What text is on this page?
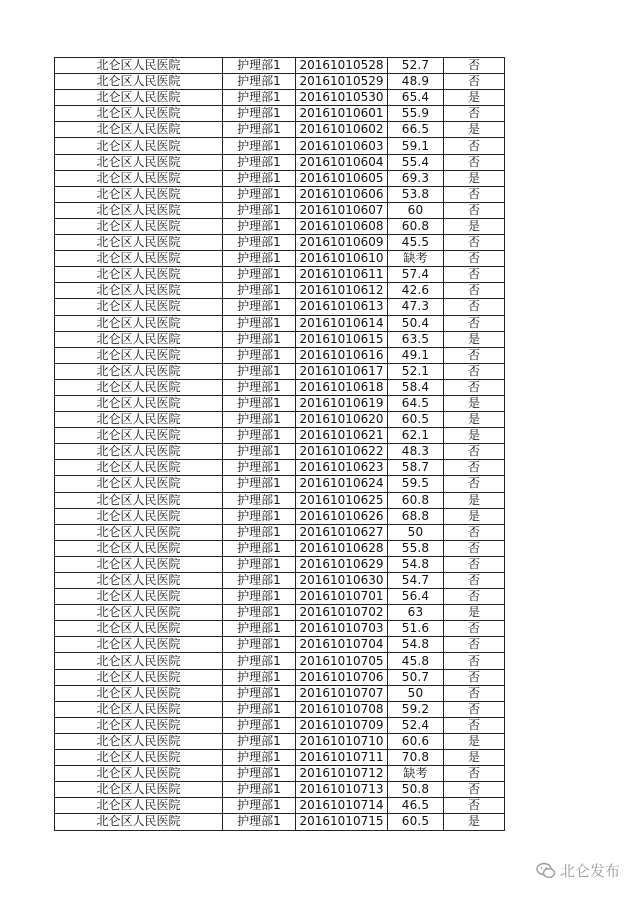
北仑区人民医院	护理部1	20161010528	52.7	否
北仑区人民医院	护理部1	20161010529	48.9	否
北仑区人民医院	护理部1	20161010530	65.4	是
北仑区人民医院	护理部1	20161010601	55.9	否
北仑区人民医院	护理部1	20161010602	66.5	是
北仑区人民医院	护理部1	20161010603	59.1	否
北仑区人民医院	护理部1	20161010604	55.4	否
北仑区人民医院	护理部1	20161010605	69.3	是
北仑区人民医院	护理部1	20161010606	53.8	否
北仑区人民医院	护理部1	20161010607	60	否
北仑区人民医院	护理部1	20161010608	60.8	是
北仑区人民医院	护理部1	20161010609	45.5	否
北仑区人民医院	护理部1	20161010610	缺考	否
北仑区人民医院	护理部1	20161010611	57.4	否
北仑区人民医院	护理部1	20161010612	42.6	否
北仑区人民医院	护理部1	20161010613	47.3	否
北仑区人民医院	护理部1	20161010614	50.4	否
北仑区人民医院	护理部1	20161010615	63.5	是
北仑区人民医院	护理部1	20161010616	49.1	否
北仑区人民医院	护理部1	20161010617	52.1	否
北仑区人民医院	护理部1	20161010618	58.4	否
北仑区人民医院	护理部1	20161010619	64.5	是
北仑区人民医院	护理部1	20161010620	60.5	是
北仑区人民医院	护理部1	20161010621	62.1	是
北仑区人民医院	护理部1	20161010622	48.3	否
北仑区人民医院	护理部1	20161010623	58.7	否
北仑区人民医院	护理部1	20161010624	59.5	否
北仑区人民医院	护理部1	20161010625	60.8	是
北仑区人民医院	护理部1	20161010626	68.8	是
北仑区人民医院	护理部1	20161010627	50	否
北仑区人民医院	护理部1	20161010628	55.8	否
北仑区人民医院	护理部1	20161010629	54.8	否
北仑区人民医院	护理部1	20161010630	54.7	否
北仑区人民医院	护理部1	20161010701	56.4	否
北仑区人民医院	护理部1	20161010702	63	是
北仑区人民医院	护理部1	20161010703	51.6	否
北仑区人民医院	护理部1	20161010704	54.8	否
北仑区人民医院	护理部1	20161010705	45.8	否
北仑区人民医院	护理部1	20161010706	50.7	否
北仑区人民医院	护理部1	20161010707	50	否
北仑区人民医院	护理部1	20161010708	59.2	否
北仑区人民医院	护理部1	20161010709	52.4	否
北仑区人民医院	护理部1	20161010710	60.6	是
北仑区人民医院	护理部1	20161010711	70.8	是
北仑区人民医院	护理部1	20161010712	缺考	否
北仑区人民医院	护理部1	20161010713	50.8	否
北仑区人民医院	护理部1	20161010714	46.5	否
北仑区人民医院	护理部1	20161010715	60.5	是
北仑发布
